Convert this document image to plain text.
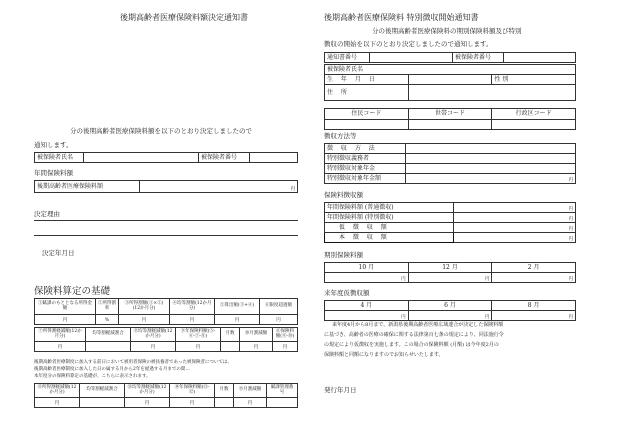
後期高齢者医療保険料額決定通知書
分の後期高齢者医療保険料額を以下のとおり決定しましたので
通知します。
被保険者氏名		被保険者番号	
年間保険料額
後期高齢者医療保険料額	円
決定理由
決定年月日
保険料算定の基礎
①賦課のもととなる所得金額	②所得割率	③所得割額(①×②)(12か月分)	④均等割額(12か月分)	⑤算出額(③+④)	⑥限度超過額
円	%	円	円	円	円
⑦所得割軽減額(12か月分)	均等割軽減割合	⑧均等割軽減額(12か月分)	⑨年保険料額(⑤-⑥-⑦-⑧)	月数	⑩月割減額	⑪保険料額(⑨-⑩)
円		円	円		円	円
後期高齢者医療制度に加入する前日において被用者保険の被扶養者であった被保険者については、
後期高齢者医療制度に加入した日の属する月から2年を経過する月までの間…
本年度分の保険料算定の基礎が、こちらに表示されます。
⑫所得割軽減額(12か月分)	均等割軽減割合	⑬均等割軽減額(12か月分)	⑭年保険料額(⑪-⑫)	月数	⑮月割減額	賦課管理番号
円		円	円		円	
後期高齢者医療保険料 特別徴収開始通知書
分の後期高齢者医療保険料の期別保険料額及び特別
徴収の開始を以下のとおり決定しましたので通知します。
通知書番号		被保険者番号	
被保険者氏名		
生 年 月 日		性 別
住 所		
住民コード	世帯コード	行政区コード

徴収方法等
徴 収 方 法	
特別徴収義務者	
特別徴収対象年金	
特別徴収対象年金額	円
保険料徴収額
年間保険料額 (普通徴収)	円
年間保険料額 (特別徴収)	円
仮 徴 収 額	円
本 徴 収 額	円
期別保険料額
10 月	12 月	2 月
円	円	円
来年度仮徴収額
4 月	6 月	8 月
円	円	円
来年度4月から8月まで、新潟県後期高齢者医療広域連合が決定した保険料額
に基づき、高齢者の医療の確保に関する法律第百七条の規定により、同法施行令
の規定により仮徴収を実施します。この場合の保険料額 (月額) は今年度2月の
保険料額と同額になりますのでお知らせいたします。
発行年月日
